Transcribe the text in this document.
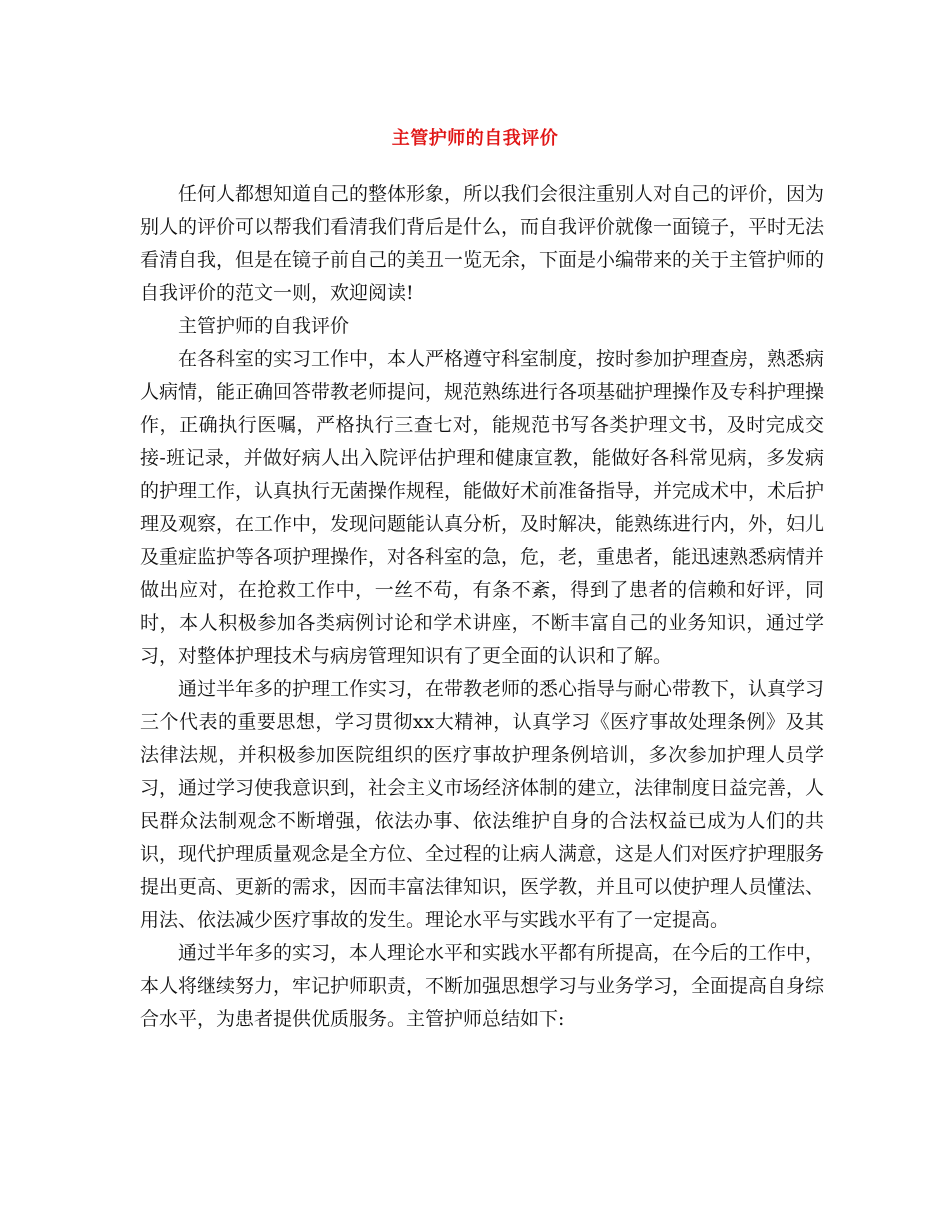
主管护师的自我评价

任何人都想知道自己的整体形象，所以我们会很注重别人对自己的评价，因为别人的评价可以帮我们看清我们背后是什么，而自我评价就像一面镜子，平时无法看清自我，但是在镜子前自己的美丑一览无余，下面是小编带来的关于主管护师的自我评价的范文一则，欢迎阅读!

主管护师的自我评价

在各科室的实习工作中，本人严格遵守科室制度，按时参加护理查房，熟悉病人病情，能正确回答带教老师提问，规范熟练进行各项基础护理操作及专科护理操作，正确执行医嘱，严格执行三查七对，能规范书写各类护理文书，及时完成交接-班记录，并做好病人出入院评估护理和健康宣教，能做好各科常见病，多发病的护理工作，认真执行无菌操作规程，能做好术前准备指导，并完成术中，术后护理及观察，在工作中，发现问题能认真分析，及时解决，能熟练进行内，外，妇儿及重症监护等各项护理操作，对各科室的急，危，老，重患者，能迅速熟悉病情并做出应对，在抢救工作中，一丝不苟，有条不紊，得到了患者的信赖和好评，同时，本人积极参加各类病例讨论和学术讲座，不断丰富自己的业务知识，通过学习，对整体护理技术与病房管理知识有了更全面的认识和了解。

通过半年多的护理工作实习，在带教老师的悉心指导与耐心带教下，认真学习三个代表的重要思想，学习贯彻xx大精神，认真学习《医疗事故处理条例》及其法律法规，并积极参加医院组织的医疗事故护理条例培训，多次参加护理人员学习，通过学习使我意识到，社会主义市场经济体制的建立，法律制度日益完善，人民群众法制观念不断增强，依法办事、依法维护自身的合法权益已成为人们的共识，现代护理质量观念是全方位、全过程的让病人满意，这是人们对医疗护理服务提出更高、更新的需求，因而丰富法律知识，医学教，并且可以使护理人员懂法、用法、依法减少医疗事故的发生。理论水平与实践水平有了一定提高。

通过半年多的实习，本人理论水平和实践水平都有所提高，在今后的工作中，本人将继续努力，牢记护师职责，不断加强思想学习与业务学习，全面提高自身综合水平，为患者提供优质服务。主管护师总结如下:
